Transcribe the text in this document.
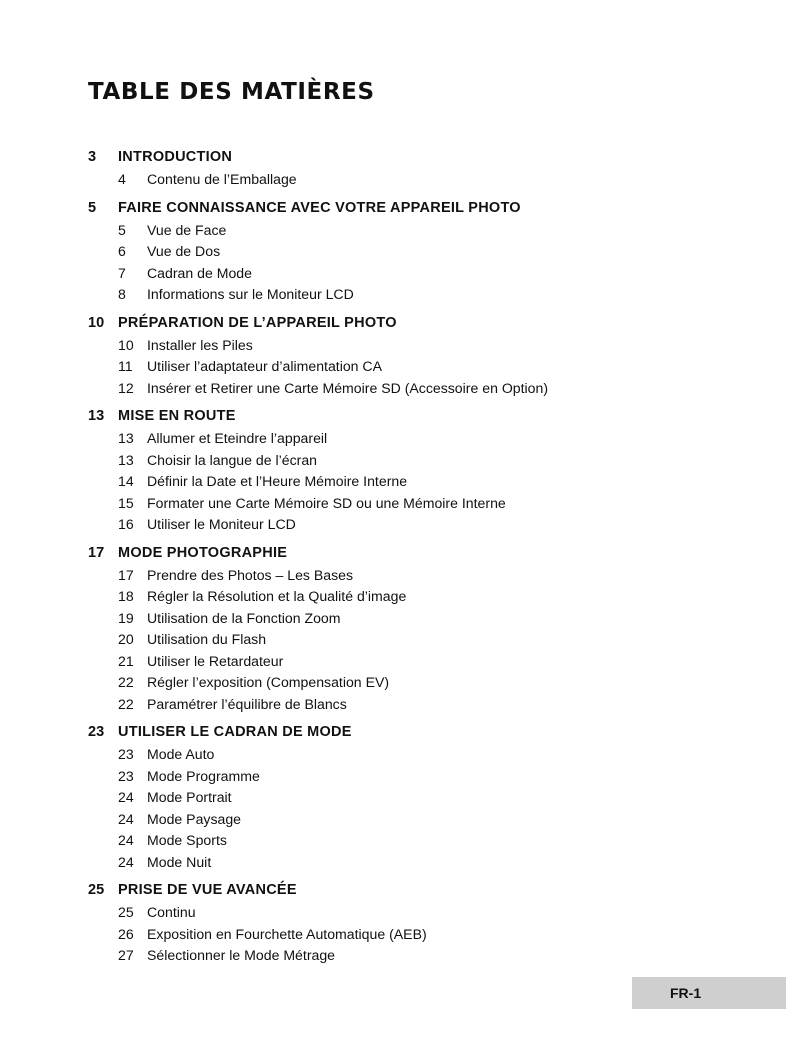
TABLE DES MATIÈRES
3	INTRODUCTION
4	Contenu de l’Emballage
5	FAIRE CONNAISSANCE AVEC VOTRE APPAREIL PHOTO
5	Vue de Face
6	Vue de Dos
7	Cadran de Mode
8	Informations sur le Moniteur LCD
10 PRÉPARATION DE L’APPAREIL PHOTO
10 Installer les Piles
11	Utiliser l’adaptateur d’alimentation CA
12 Insérer et Retirer une Carte Mémoire SD (Accessoire en Option)
13 MISE EN ROUTE
13 Allumer et Eteindre l’appareil
13 Choisir la langue de l’écran
14 Définir la Date et l’Heure Mémoire Interne
15 Formater une Carte Mémoire SD ou une Mémoire Interne
16 Utiliser le Moniteur LCD
17 MODE PHOTOGRAPHIE
17 Prendre des Photos – Les Bases
18 Régler la Résolution et la Qualité d’image
19 Utilisation de la Fonction Zoom
20 Utilisation du Flash
21 Utiliser le Retardateur
22 Régler l’exposition (Compensation EV)
22 Paramétrer l’équilibre de Blancs
23 UTILISER LE CADRAN DE MODE
23 Mode Auto
23 Mode Programme
24 Mode Portrait
24 Mode Paysage
24 Mode Sports
24 Mode Nuit
25 PRISE DE VUE AVANCÉE
25 Continu
26 Exposition en Fourchette Automatique (AEB)
27 Sélectionner le Mode Métrage
FR-1
